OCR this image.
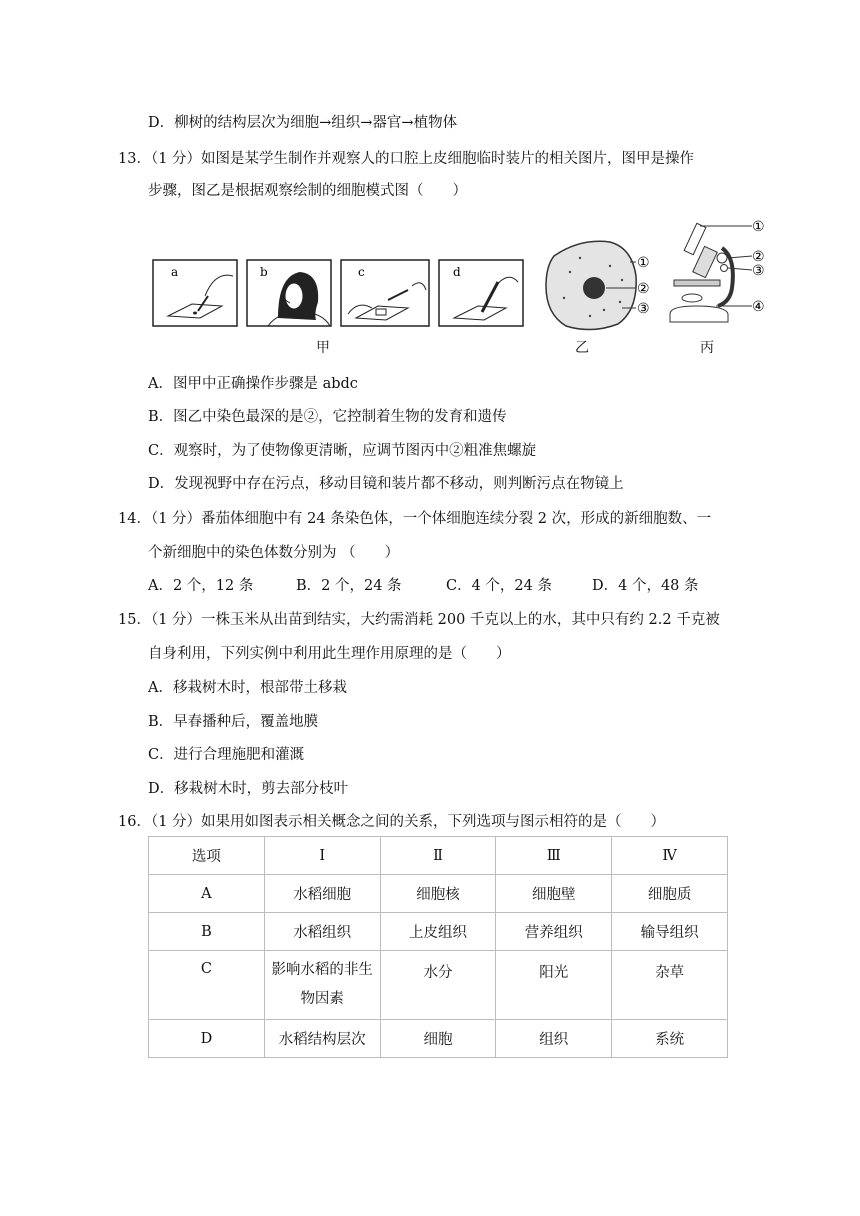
D．柳树的结构层次为细胞→组织→器官→植物体
13．（1 分）如图是某学生制作并观察人的口腔上皮细胞临时装片的相关图片，图甲是操作
步骤，图乙是根据观察绘制的细胞模式图（　　）
a	b	c	d
甲
①
②
③
乙
①
②
③
④
丙
A．图甲中正确操作步骤是 abdc
B．图乙中染色最深的是②，它控制着生物的发育和遗传
C．观察时，为了使物像更清晰，应调节图丙中②粗准焦螺旋
D．发现视野中存在污点，移动目镜和装片都不移动，则判断污点在物镜上
14．（1 分）番茄体细胞中有 24 条染色体，一个体细胞连续分裂 2 次，形成的新细胞数、一
个新细胞中的染色体数分别为 （　　）
A．2 个，12 条	B．2 个，24 条	C．4 个，24 条	D．4 个，48 条
15．（1 分）一株玉米从出苗到结实，大约需消耗 200 千克以上的水，其中只有约 2.2 千克被
自身利用，下列实例中利用此生理作用原理的是（　　）
A．移栽树木时，根部带土移栽
B．早春播种后，覆盖地膜
C．进行合理施肥和灌溉
D．移栽树木时，剪去部分枝叶
16．（1 分）如果用如图表示相关概念之间的关系，下列选项与图示相符的是（　　）
选项	Ⅰ	Ⅱ	Ⅲ	Ⅳ
A	水稻细胞	细胞核	细胞壁	细胞质
B	水稻组织	上皮组织	营养组织	输导组织
C	影响水稻的非生物因素	水分	阳光	杂草
D	水稻结构层次	细胞	组织	系统
